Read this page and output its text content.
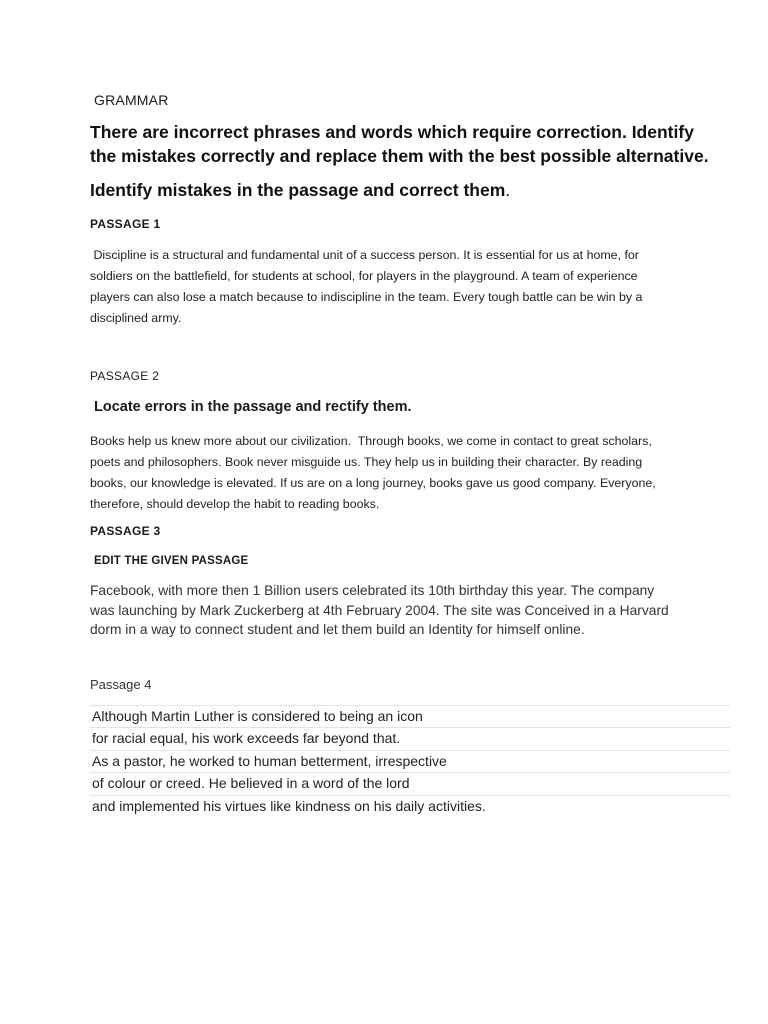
GRAMMAR
There are incorrect phrases and words which require correction. Identify the mistakes correctly and replace them with the best possible alternative.
Identify mistakes in the passage and correct them.
PASSAGE 1
Discipline is a structural and fundamental unit of a success person. It is essential for us at home, for soldiers on the battlefield, for students at school, for players in the playground. A team of experience players can also lose a match because to indiscipline in the team. Every tough battle can be win by a disciplined army.
PASSAGE 2
Locate errors in the passage and rectify them.
Books help us knew more about our civilization.  Through books, we come in contact to great scholars, poets and philosophers. Book never misguide us. They help us in building their character. By reading books, our knowledge is elevated. If us are on a long journey, books gave us good company. Everyone, therefore, should develop the habit to reading books.
PASSAGE 3
EDIT THE GIVEN PASSAGE
Facebook, with more then 1 Billion users celebrated its 10th birthday this year. The company was launching by Mark Zuckerberg at 4th February 2004. The site was Conceived in a Harvard dorm in a way to connect student and let them build an Identity for himself online.
Passage 4
Although Martin Luther is considered to being an icon
for racial equal, his work exceeds far beyond that.
As a pastor, he worked to human betterment, irrespective
of colour or creed. He believed in a word of the lord
and implemented his virtues like kindness on his daily activities.
